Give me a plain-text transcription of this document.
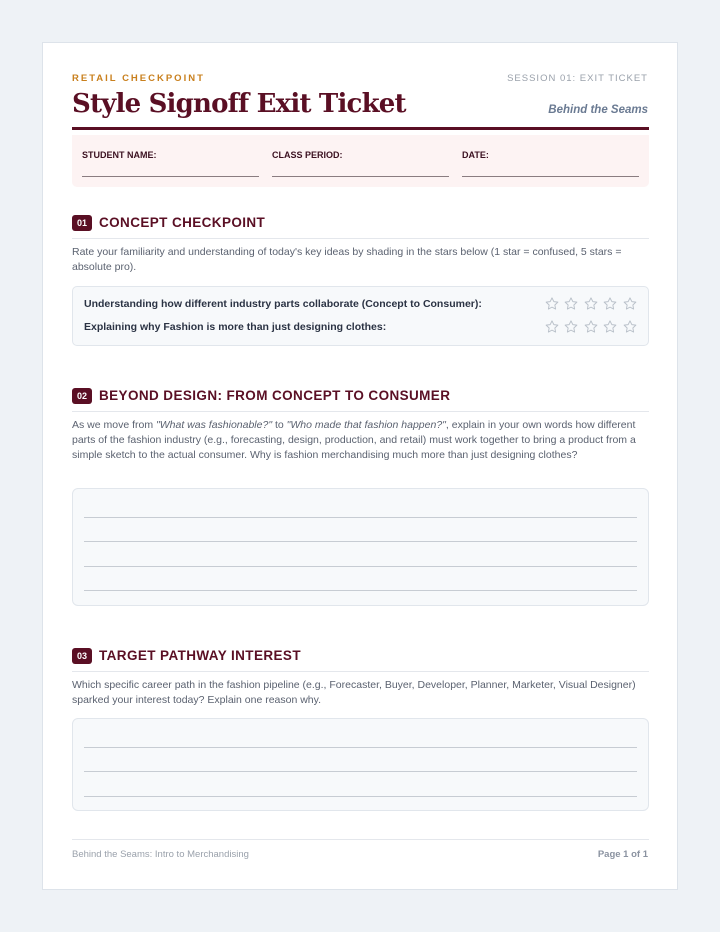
RETAIL CHECKPOINT	SESSION 01: EXIT TICKET
Style Signoff Exit Ticket	Behind the Seams
STUDENT NAME:	CLASS PERIOD:	DATE:
01 CONCEPT CHECKPOINT

Rate your familiarity and understanding of today's key ideas by shading in the stars below (1 star = confused, 5 stars = absolute pro).

Understanding how different industry parts collaborate (Concept to Consumer):
Explaining why Fashion is more than just designing clothes:
02 BEYOND DESIGN: FROM CONCEPT TO CONSUMER

As we move from "What was fashionable?" to "Who made that fashion happen?", explain in your own words how different parts of the fashion industry (e.g., forecasting, design, production, and retail) must work together to bring a product from a simple sketch to the actual consumer. Why is fashion merchandising much more than just designing clothes?

03 TARGET PATHWAY INTEREST

Which specific career path in the fashion pipeline (e.g., Forecaster, Buyer, Developer, Planner, Marketer, Visual Designer) sparked your interest today? Explain one reason why.

Behind the Seams: Intro to Merchandising	Page 1 of 1
